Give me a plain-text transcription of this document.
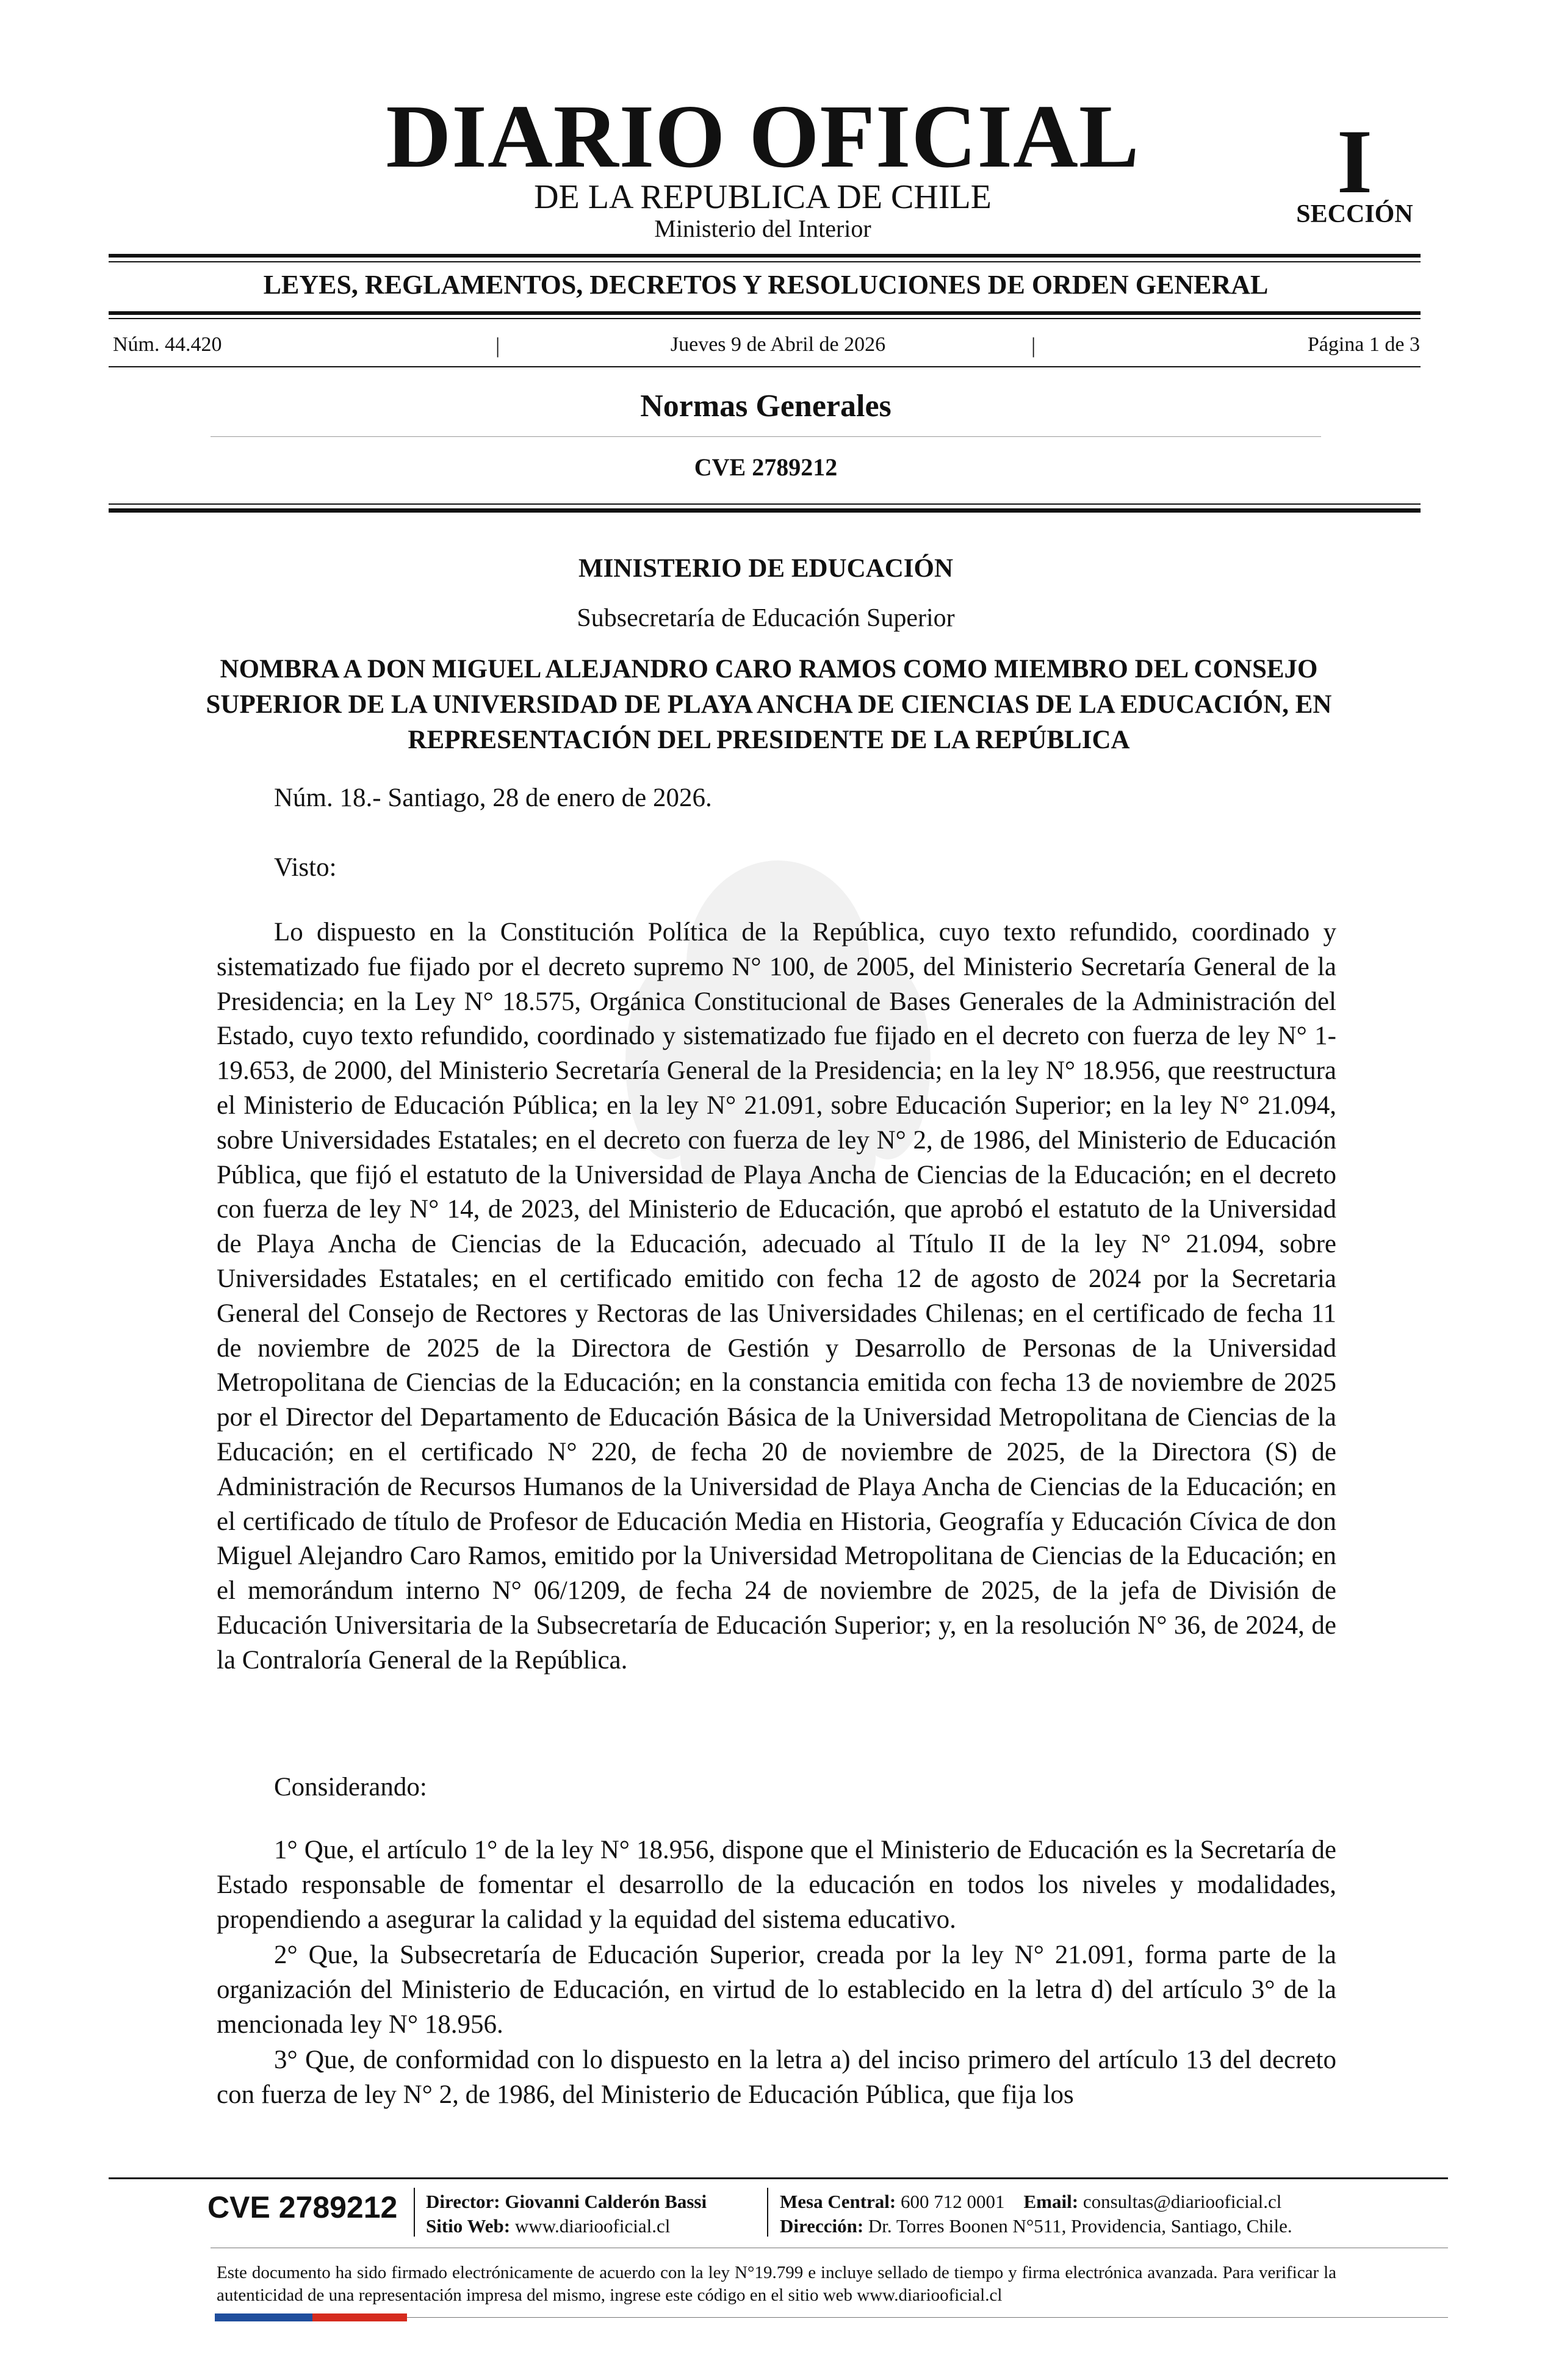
DIARIO OFICIAL
DE LA REPUBLICA DE CHILE
Ministerio del Interior
I
SECCIÓN
LEYES, REGLAMENTOS, DECRETOS Y RESOLUCIONES DE ORDEN GENERAL
Núm. 44.420	|	Jueves 9 de Abril de 2026	|	Página 1 de 3
Normas Generales
CVE 2789212
MINISTERIO DE EDUCACIÓN
Subsecretaría de Educación Superior
NOMBRA A DON MIGUEL ALEJANDRO CARO RAMOS COMO MIEMBRO DEL CONSEJO SUPERIOR DE LA UNIVERSIDAD DE PLAYA ANCHA DE CIENCIAS DE LA EDUCACIÓN, EN REPRESENTACIÓN DEL PRESIDENTE DE LA REPÚBLICA
Núm. 18.- Santiago, 28 de enero de 2026.
Visto:
Lo dispuesto en la Constitución Política de la República, cuyo texto refundido, coordinado y sistematizado fue fijado por el decreto supremo N° 100, de 2005, del Ministerio Secretaría General de la Presidencia; en la Ley N° 18.575, Orgánica Constitucional de Bases Generales de la Administración del Estado, cuyo texto refundido, coordinado y sistematizado fue fijado en el decreto con fuerza de ley N° 1-19.653, de 2000, del Ministerio Secretaría General de la Presidencia; en la ley N° 18.956, que reestructura el Ministerio de Educación Pública; en la ley N° 21.091, sobre Educación Superior; en la ley N° 21.094, sobre Universidades Estatales; en el decreto con fuerza de ley N° 2, de 1986, del Ministerio de Educación Pública, que fijó el estatuto de la Universidad de Playa Ancha de Ciencias de la Educación; en el decreto con fuerza de ley N° 14, de 2023, del Ministerio de Educación, que aprobó el estatuto de la Universidad de Playa Ancha de Ciencias de la Educación, adecuado al Título II de la ley N° 21.094, sobre Universidades Estatales; en el certificado emitido con fecha 12 de agosto de 2024 por la Secretaria General del Consejo de Rectores y Rectoras de las Universidades Chilenas; en el certificado de fecha 11 de noviembre de 2025 de la Directora de Gestión y Desarrollo de Personas de la Universidad Metropolitana de Ciencias de la Educación; en la constancia emitida con fecha 13 de noviembre de 2025 por el Director del Departamento de Educación Básica de la Universidad Metropolitana de Ciencias de la Educación; en el certificado N° 220, de fecha 20 de noviembre de 2025, de la Directora (S) de Administración de Recursos Humanos de la Universidad de Playa Ancha de Ciencias de la Educación; en el certificado de título de Profesor de Educación Media en Historia, Geografía y Educación Cívica de don Miguel Alejandro Caro Ramos, emitido por la Universidad Metropolitana de Ciencias de la Educación; en el memorándum interno N° 06/1209, de fecha 24 de noviembre de 2025, de la jefa de División de Educación Universitaria de la Subsecretaría de Educación Superior; y, en la resolución N° 36, de 2024, de la Contraloría General de la República.
Considerando:
1° Que, el artículo 1° de la ley N° 18.956, dispone que el Ministerio de Educación es la Secretaría de Estado responsable de fomentar el desarrollo de la educación en todos los niveles y modalidades, propendiendo a asegurar la calidad y la equidad del sistema educativo.
2° Que, la Subsecretaría de Educación Superior, creada por la ley N° 21.091, forma parte de la organización del Ministerio de Educación, en virtud de lo establecido en la letra d) del artículo 3° de la mencionada ley N° 18.956.
3° Que, de conformidad con lo dispuesto en la letra a) del inciso primero del artículo 13 del decreto con fuerza de ley N° 2, de 1986, del Ministerio de Educación Pública, que fija los
CVE 2789212 Director: Giovanni Calderón Bassi
Sitio Web: www.diariooficial.cl
Mesa Central: 600 712 0001 Email: consultas@diariooficial.cl
Dirección: Dr. Torres Boonen N°511, Providencia, Santiago, Chile.
Este documento ha sido firmado electrónicamente de acuerdo con la ley N°19.799 e incluye sellado de tiempo y firma electrónica avanzada. Para verificar la autenticidad de una representación impresa del mismo, ingrese este código en el sitio web www.diariooficial.cl
